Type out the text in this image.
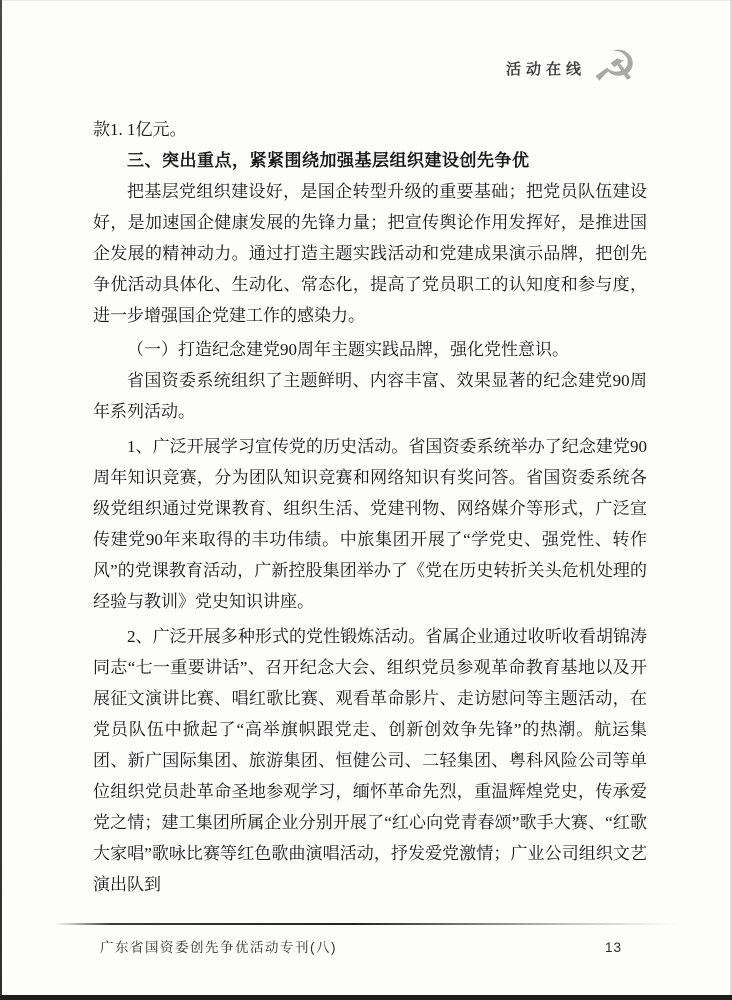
活动在线 ☭

款1. 1亿元。

三、突出重点，紧紧围绕加强基层组织建设创先争优

把基层党组织建设好，是国企转型升级的重要基础；把党员队伍建设好，是加速国企健康发展的先锋力量；把宣传舆论作用发挥好，是推进国企发展的精神动力。通过打造主题实践活动和党建成果演示品牌，把创先争优活动具体化、生动化、常态化，提高了党员职工的认知度和参与度，进一步增强国企党建工作的感染力。

（一）打造纪念建党90周年主题实践品牌，强化党性意识。

省国资委系统组织了主题鲜明、内容丰富、效果显著的纪念建党90周年系列活动。

1、广泛开展学习宣传党的历史活动。省国资委系统举办了纪念建党90周年知识竞赛，分为团队知识竞赛和网络知识有奖问答。省国资委系统各级党组织通过党课教育、组织生活、党建刊物、网络媒介等形式，广泛宣传建党90年来取得的丰功伟绩。中旅集团开展了“学党史、强党性、转作风”的党课教育活动，广新控股集团举办了《党在历史转折关头危机处理的经验与教训》党史知识讲座。

2、广泛开展多种形式的党性锻炼活动。省属企业通过收听收看胡锦涛同志“七一重要讲话”、召开纪念大会、组织党员参观革命教育基地以及开展征文演讲比赛、唱红歌比赛、观看革命影片、走访慰问等主题活动，在党员队伍中掀起了“高举旗帜跟党走、创新创效争先锋”的热潮。航运集团、新广国际集团、旅游集团、恒健公司、二轻集团、粤科风险公司等单位组织党员赴革命圣地参观学习，缅怀革命先烈，重温辉煌党史，传承爱党之情；建工集团所属企业分别开展了“红心向党青春颂”歌手大赛、“红歌大家唱”歌咏比赛等红色歌曲演唱活动，抒发爱党激情；广业公司组织文艺演出队到

广东省国资委创先争优活动专刊(八)	13
